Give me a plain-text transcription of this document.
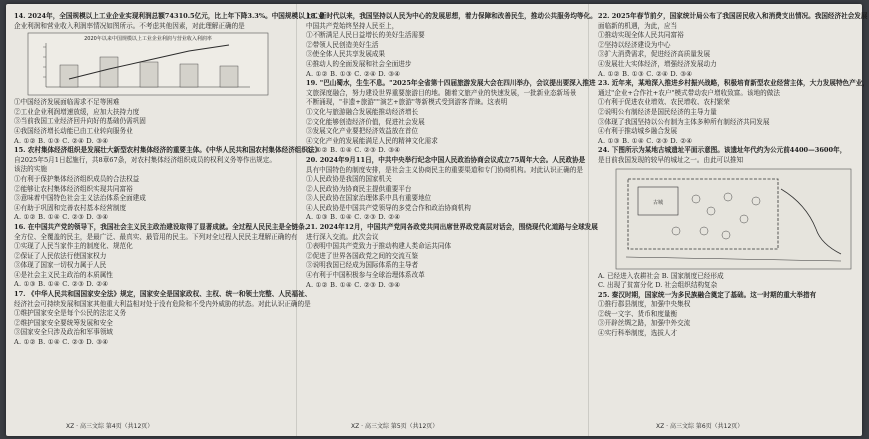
14. 2024年，全国规模以上工业企业实现利润总额74310.5亿元，比上年下降3.3%。中国规模以上工业

企业利润和营业收入利润率情况如图所示。不考虑其他因素，对此理解正确的是

2020年以来中国规模以上工业企业利润与营业收入利润率

①中国经济发展面临需求不足等困难

②工业企业利润增速放缓，应加大扶持力度

③当前我国工业经济回升向好的基础仍需巩固

④我国经济增长动能已由工业转向服务业

A. ①② B. ①③ C. ②④ D. ③④

15. 农村集体经济组织是发展壮大新型农村集体经济的重要主体。《中华人民共和国农村集体经济组织法》

自2025年5月1日起施行，共8章67条，对农村集体经济组织成员的权利义务等作出规定。

该法的实施

①有利于保护集体经济组织成员的合法权益

②能够让农村集体经济组织实现共同富裕

③意味着中国特色社会主义法治体系全面建成

④有助于巩固和完善农村基本经营制度

A. ①② B. ①④ C. ②③ D. ③④

16. 在中国共产党的领导下，我国社会主义民主政治建设取得了显著成就。全过程人民民主是全链条、

全方位、全覆盖的民主，是最广泛、最真实、最管用的民主。下列对全过程人民民主理解正确的有

①实现了人民当家作主的制度化、规范化

②保证了人民依法行使国家权力

③体现了国家一切权力属于人民

④是社会主义民主政治的本质属性

A. ①③ B. ①④ C. ②③ D. ②④

17. 《中华人民共和国国家安全法》规定，国家安全是国家政权、主权、统一和领土完整、人民福祉、

经济社会可持续发展和国家其他重大利益相对处于没有危险和不受内外威胁的状态。对此认识正确的是

①维护国家安全是每个公民的法定义务

②维护国家安全要统筹发展和安全

③国家安全只涉及政治和军事领域

A. ①② B. ①④ C. ②③ D. ③④

18. 新时代以来，我国坚持以人民为中心的发展思想，着力保障和改善民生，推动公共服务均等化。

中国共产党始终坚持人民至上，

①不断满足人民日益增长的美好生活需要

②带领人民创造美好生活

③使全体人民共享发展成果

④推动人的全面发展和社会全面进步

A. ①② B. ①③ C. ②④ D. ③④

19. "巴山蜀水，生生不息。"2025年全省第十四届旅游发展大会在四川举办，会议提出要深入推进

文旅深度融合，努力建设世界重要旅游目的地。随着文旅产业的快速发展，一批新业态新场景

不断涌现，"非遗+旅游""演艺+旅游"等新模式受到游客青睐。这表明

①文化与旅游融合发展能推动经济增长

②文化能够创造经济价值，促进社会发展

③发展文化产业要把经济效益放在首位

④文化产业的发展能满足人民的精神文化需求

A. ①② B. ①④ C. ②③ D. ③④

20. 2024年9月11日，中共中央举行纪念中国人民政治协商会议成立75周年大会。人民政协是

具有中国特色的制度安排，是社会主义协商民主的重要渠道和专门协商机构。对此认识正确的是

①人民政协是我国的国家机关

②人民政协为协商民主提供重要平台

③人民政协在国家治理体系中具有重要地位

④人民政协是中国共产党领导的多党合作和政治协商机构

A. ①③ B. ①④ C. ②③ D. ②④

21. 2024年12月，中国共产党同各政党共同出席世界政党高层对话会，围绕现代化道路与全球发展

进行深入交流。此次会议

①表明中国共产党致力于推动构建人类命运共同体

②促进了世界各国政党之间的交流互鉴

③说明我国已经成为国际体系的主导者

④有利于中国积极参与全球治理体系改革

A. ①② B. ①④ C. ②③ D. ③④

22. 2025年春节前夕，国家统计局公布了我国居民收入和消费支出情况。我国经济社会发展

面临新的机遇，为此，应当

①推动实现全体人民共同富裕

②坚持以经济建设为中心

③扩大消费需求，促进经济高质量发展

④发展壮大实体经济，增强经济发展动力

A. ①② B. ①③ C. ②④ D. ③④

23. 近年来，某地深入推进乡村振兴战略，积极培育新型农业经营主体，大力发展特色产业，

通过"企业+合作社+农户"模式带动农户增收致富。该地的做法

①有利于促进农业增效、农民增收、农村繁荣

②说明公有制经济是国民经济的主导力量

③体现了我国坚持以公有制为主体多种所有制经济共同发展

④有利于推动城乡融合发展

A. ①③ B. ①④ C. ②③ D. ②④

24. 下图所示为某地古城遗址平面示意图。该遗址年代约为公元前4400—3600年，

是目前我国发现的较早的城址之一。由此可以推知

古城

A. 已经进入农耕社会 B. 国家制度已经形成

C. 出现了贫富分化 D. 社会组织结构复杂

25. 秦汉时期，国家统一为多民族融合奠定了基础。这一时期的重大举措有

①推行郡县制度，加强中央集权

②统一文字、货币和度量衡

③开辟丝绸之路，加强中外交流

④实行科举制度，选拔人才

XZ · 高三文综 第4页（共12页）	XZ · 高三文综 第5页（共12页）	XZ · 高三文综 第6页（共12页）
